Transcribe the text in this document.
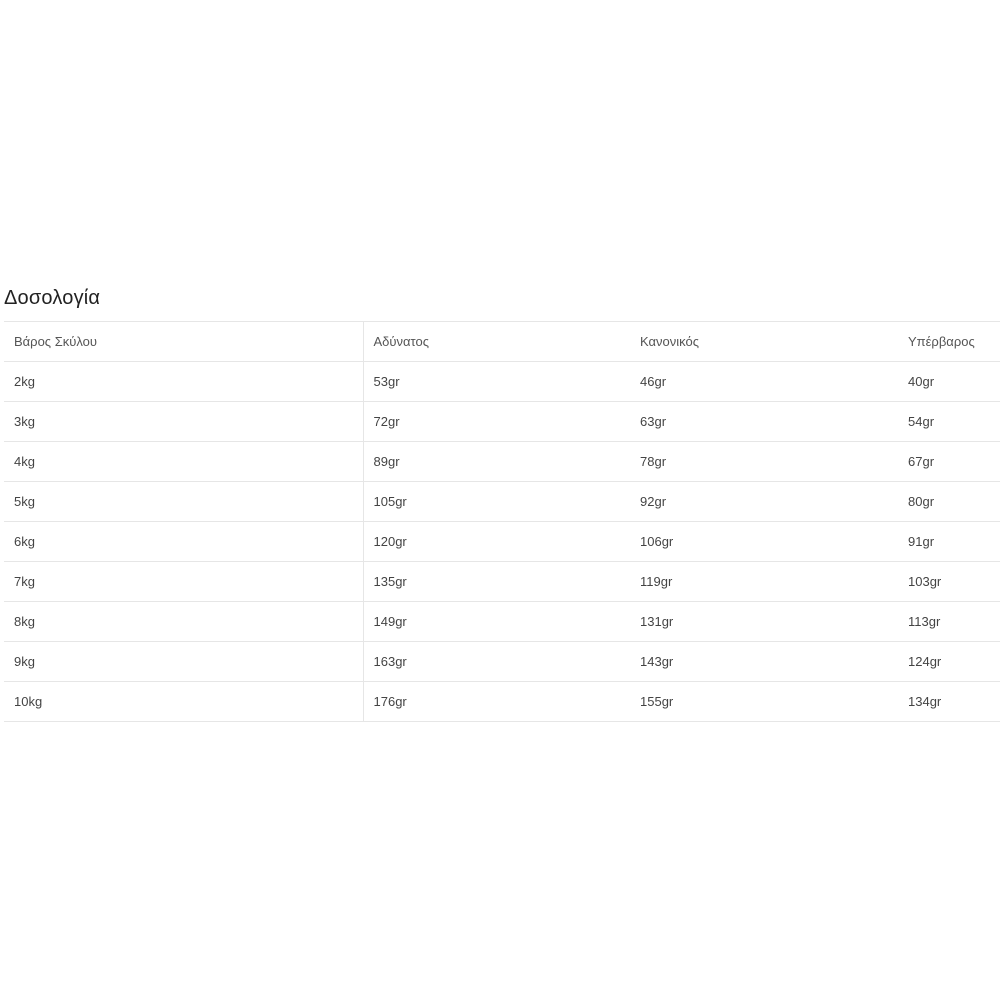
Δοσολογία
Βάρος Σκύλου	Αδύνατος	Κανονικός	Υπέρβαρος
2kg	53gr	46gr	40gr
3kg	72gr	63gr	54gr
4kg	89gr	78gr	67gr
5kg	105gr	92gr	80gr
6kg	120gr	106gr	91gr
7kg	135gr	119gr	103gr
8kg	149gr	131gr	113gr
9kg	163gr	143gr	124gr
10kg	176gr	155gr	134gr
